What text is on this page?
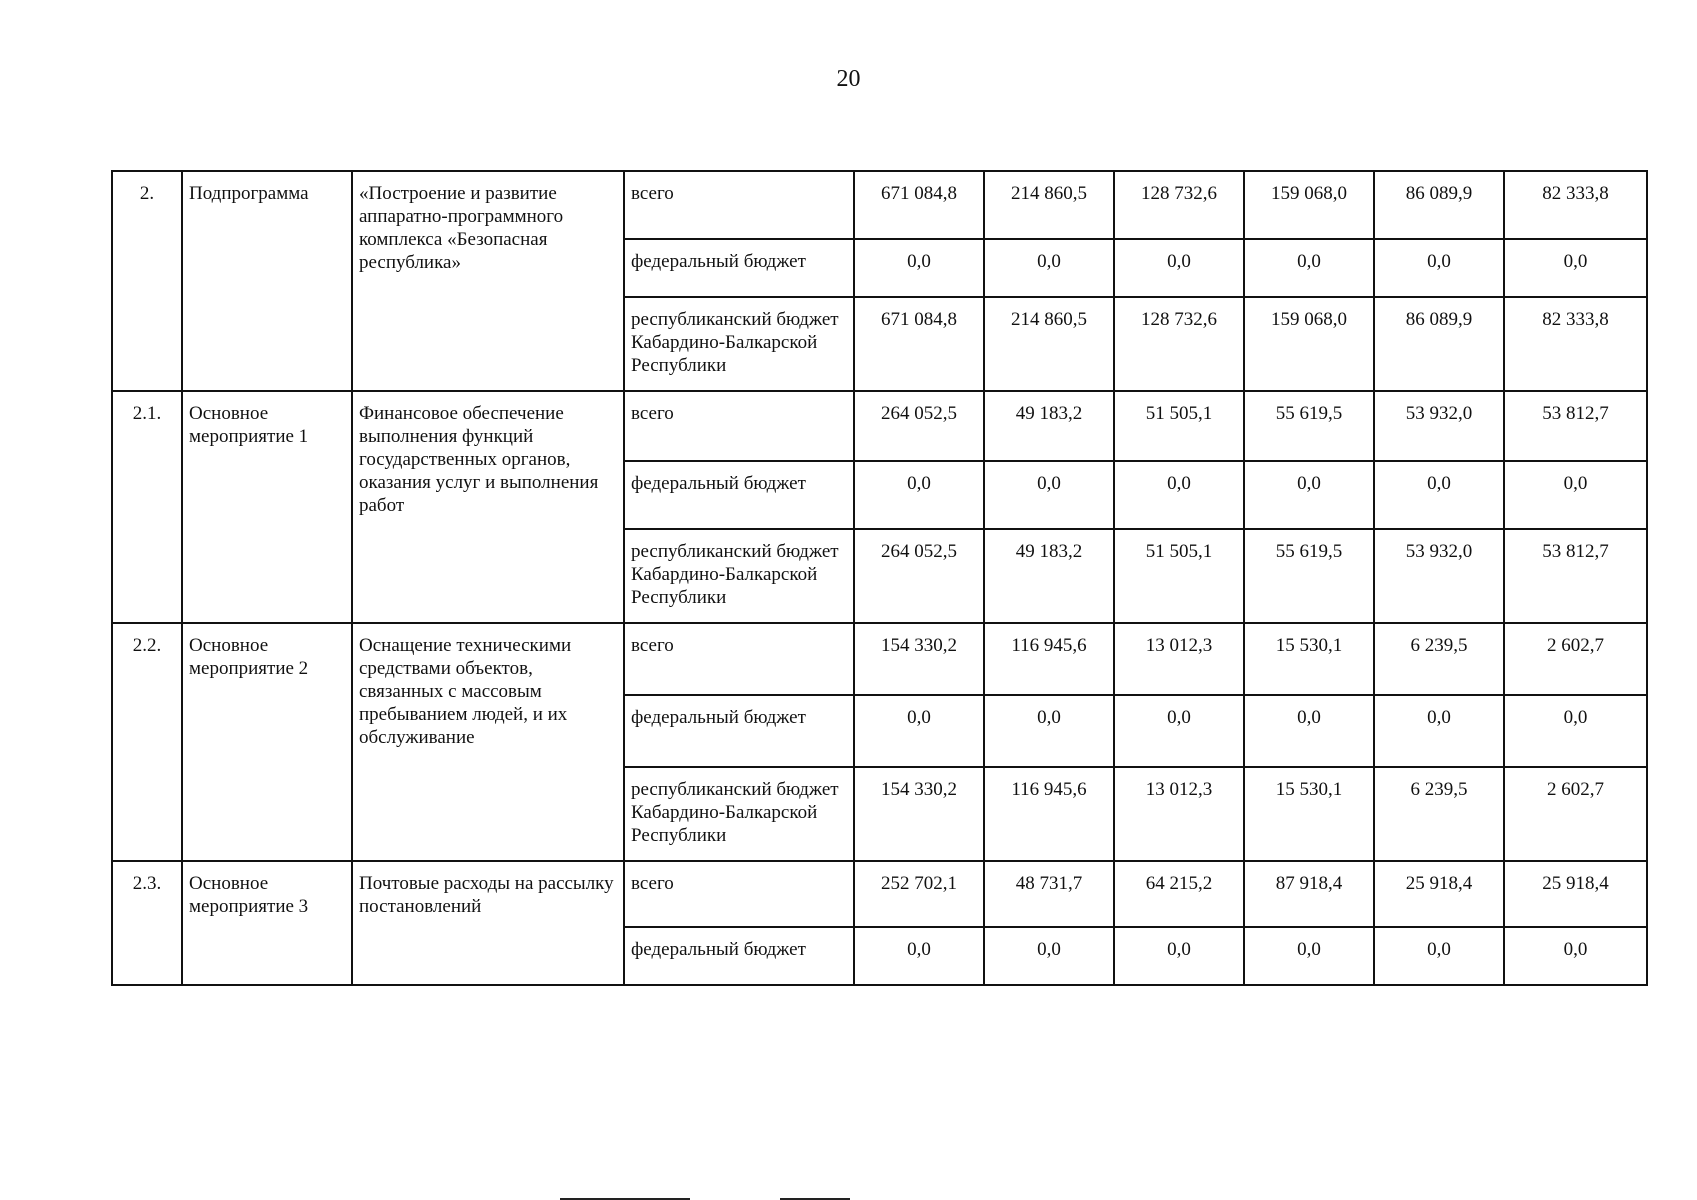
20
2.	Подпрограмма	«Построение и развитие аппаратно-программного комплекса «Безопасная республика»	всего	671 084,8	214 860,5	128 732,6	159 068,0	86 089,9	82 333,8
			федеральный бюджет	0,0	0,0	0,0	0,0	0,0	0,0
			республиканский бюджет Кабардино-Балкарской Республики	671 084,8	214 860,5	128 732,6	159 068,0	86 089,9	82 333,8
2.1.	Основное мероприятие 1	Финансовое обеспечение выполнения функций государственных органов, оказания услуг и выполнения работ	всего	264 052,5	49 183,2	51 505,1	55 619,5	53 932,0	53 812,7
			федеральный бюджет	0,0	0,0	0,0	0,0	0,0	0,0
			республиканский бюджет Кабардино-Балкарской Республики	264 052,5	49 183,2	51 505,1	55 619,5	53 932,0	53 812,7
2.2.	Основное мероприятие 2	Оснащение техническими средствами объектов, связанных с массовым пребыванием людей, и их обслуживание	всего	154 330,2	116 945,6	13 012,3	15 530,1	6 239,5	2 602,7
			федеральный бюджет	0,0	0,0	0,0	0,0	0,0	0,0
			республиканский бюджет Кабардино-Балкарской Республики	154 330,2	116 945,6	13 012,3	15 530,1	6 239,5	2 602,7
2.3.	Основное мероприятие 3	Почтовые расходы на рассылку постановлений	всего	252 702,1	48 731,7	64 215,2	87 918,4	25 918,4	25 918,4
			федеральный бюджет	0,0	0,0	0,0	0,0	0,0	0,0
